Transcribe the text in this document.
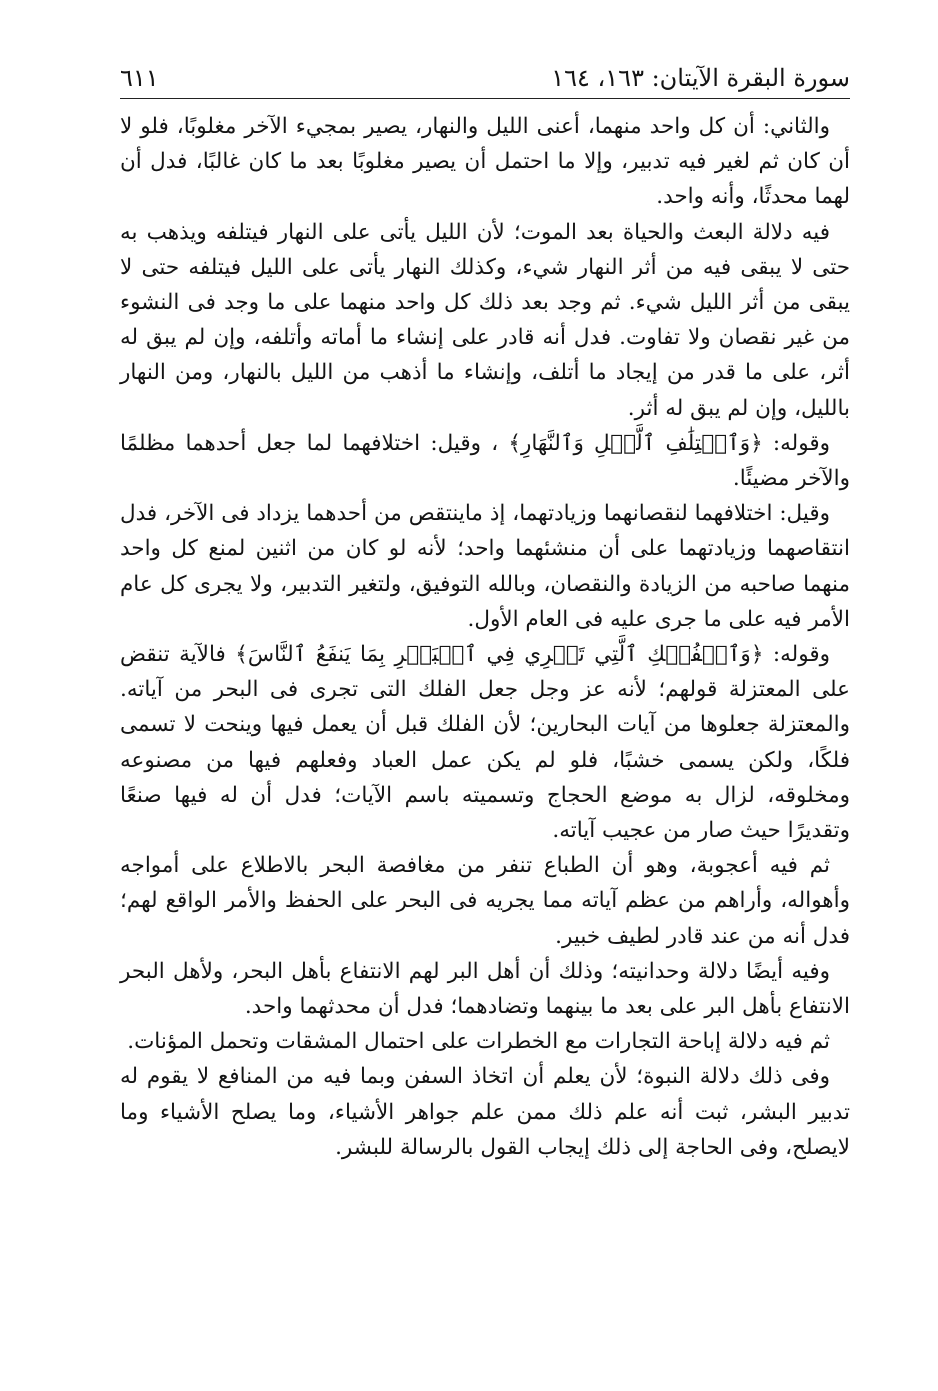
سورة البقرة الآيتان: ١٦٣، ١٦٤
٦١١

والثاني: أن كل واحد منهما، أعنى الليل والنهار، يصير بمجيء الآخر مغلوبًا، فلو لا أن كان ثم لغير فيه تدبير، وإلا ما احتمل أن يصير مغلوبًا بعد ما كان غالبًا، فدل أن لهما محدثًا، وأنه واحد.

فيه دلالة البعث والحياة بعد الموت؛ لأن الليل يأتى على النهار فيتلفه ويذهب به حتى لا يبقى فيه من أثر النهار شيء، وكذلك النهار يأتى على الليل فيتلفه حتى لا يبقى من أثر الليل شيء. ثم وجد بعد ذلك كل واحد منهما على ما وجد فى النشوء من غير نقصان ولا تفاوت. فدل أنه قادر على إنشاء ما أماته وأتلفه، وإن لم يبق له أثر، على ما قدر من إيجاد ما أتلف، وإنشاء ما أذهب من الليل بالنهار، ومن النهار بالليل، وإن لم يبق له أثر.

وقوله: ﴿وَٱخۡتِلَٰفِ ٱلَّيۡلِ وَٱلنَّهَارِ﴾ ، وقيل: اختلافهما لما جعل أحدهما مظلمًا والآخر مضيئًا.

وقيل: اختلافهما لنقصانهما وزيادتهما، إذ ماينتقص من أحدهما يزداد فى الآخر، فدل انتقاصهما وزيادتهما على أن منشئهما واحد؛ لأنه لو كان من اثنين لمنع كل واحد منهما صاحبه من الزيادة والنقصان، وبالله التوفيق، ولتغير التدبير، ولا يجرى كل عام الأمر فيه على ما جرى عليه فى العام الأول.

وقوله: ﴿وَٱلۡفُلۡكِ ٱلَّتِي تَجۡرِي فِي ٱلۡبَحۡرِ بِمَا يَنفَعُ ٱلنَّاسَ﴾ فالآية تنقض على المعتزلة قولهم؛ لأنه عز وجل جعل الفلك التى تجرى فى البحر من آياته. والمعتزلة جعلوها من آيات البحارين؛ لأن الفلك قبل أن يعمل فيها وينحت لا تسمى فلكًا، ولكن يسمى خشبًا، فلو لم يكن عمل العباد وفعلهم فيها من مصنوعه ومخلوقه، لزال به موضع الحجاج وتسميته باسم الآيات؛ فدل أن له فيها صنعًا وتقديرًا حيث صار من عجيب آياته.

ثم فيه أعجوبة، وهو أن الطباع تنفر من مغافصة البحر بالاطلاع على أمواجه وأهواله، وأراهم من عظم آياته مما يجريه فى البحر على الحفظ والأمر الواقع لهم؛ فدل أنه من عند قادر لطيف خبير.

وفيه أيضًا دلالة وحدانيته؛ وذلك أن أهل البر لهم الانتفاع بأهل البحر، ولأهل البحر الانتفاع بأهل البر على بعد ما بينهما وتضادهما؛ فدل أن محدثهما واحد.

ثم فيه دلالة إباحة التجارات مع الخطرات على احتمال المشقات وتحمل المؤنات.

وفى ذلك دلالة النبوة؛ لأن يعلم أن اتخاذ السفن وبما فيه من المنافع لا يقوم له تدبير البشر، ثبت أنه علم ذلك ممن علم جواهر الأشياء، وما يصلح الأشياء وما لايصلح، وفى الحاجة إلى ذلك إيجاب القول بالرسالة للبشر.
